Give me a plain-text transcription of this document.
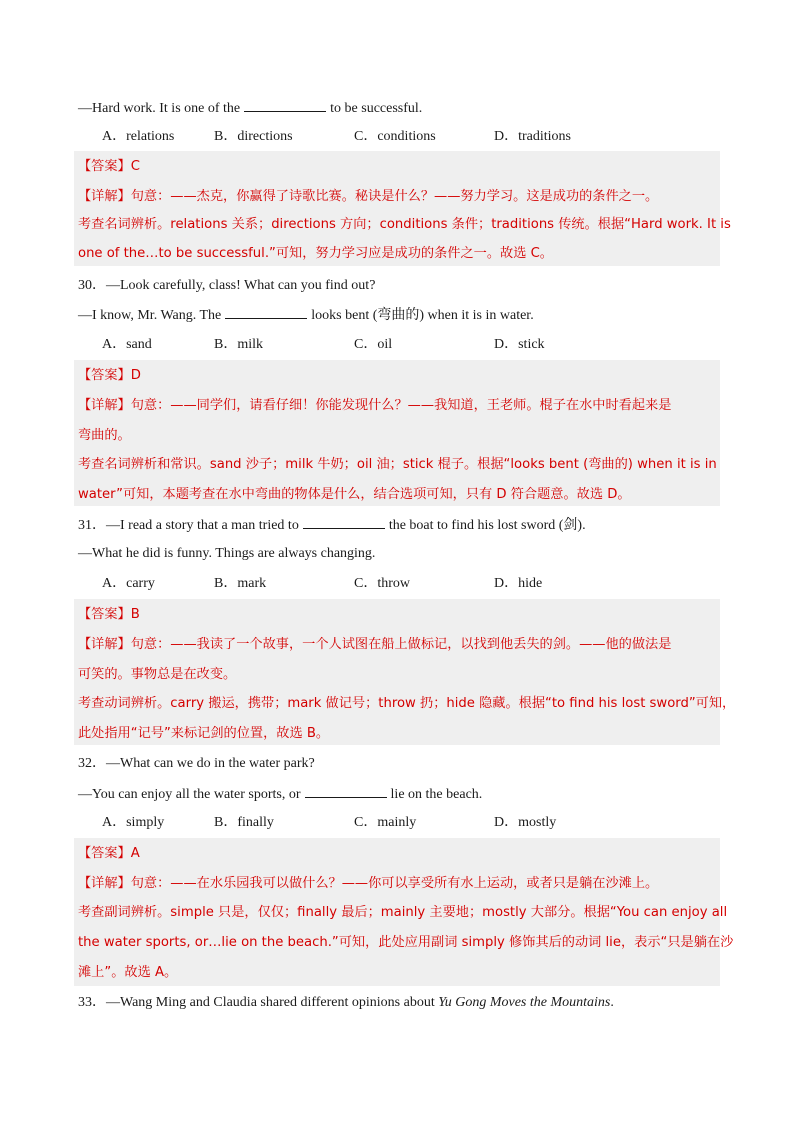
—Hard work. It is one of the	to be successful.
A．relations	B．directions	C．conditions	D．traditions
【答案】C
【详解】句意：——杰克，你赢得了诗歌比赛。秘诀是什么？——努力学习。这是成功的条件之一。
考查名词辨析。relations 关系；directions 方向；conditions 条件；traditions 传统。根据“Hard work. It is
one of the…to be successful.”可知，努力学习应是成功的条件之一。故选 C。
30．—Look carefully, class! What can you find out?
—I know, Mr. Wang. The	looks bent (弯曲的) when it is in water.
A．sand	B．milk	C．oil	D．stick
【答案】D
【详解】句意：——同学们，请看仔细！你能发现什么？——我知道，王老师。棍子在水中时看起来是
弯曲的。
考查名词辨析和常识。sand 沙子；milk 牛奶；oil 油；stick 棍子。根据“looks bent (弯曲的) when it is in
water”可知，本题考查在水中弯曲的物体是什么，结合选项可知，只有 D 符合题意。故选 D。
31．—I read a story that a man tried to	the boat to find his lost sword (剑).
—What he did is funny. Things are always changing.
A．carry	B．mark	C．throw	D．hide
【答案】B
【详解】句意：——我读了一个故事，一个人试图在船上做标记，以找到他丢失的剑。——他的做法是
可笑的。事物总是在改变。
考查动词辨析。carry 搬运，携带；mark 做记号；throw 扔；hide 隐藏。根据“to find his lost sword”可知，
此处指用“记号”来标记剑的位置，故选 B。
32．—What can we do in the water park?
—You can enjoy all the water sports, or	lie on the beach.
A．simply	B．finally	C．mainly	D．mostly
【答案】A
【详解】句意：——在水乐园我可以做什么？——你可以享受所有水上运动，或者只是躺在沙滩上。
考查副词辨析。simple 只是，仅仅；finally 最后；mainly 主要地；mostly 大部分。根据“You can enjoy all
the water sports, or…lie on the beach.”可知，此处应用副词 simply 修饰其后的动词 lie，表示“只是躺在沙
滩上”。故选 A。
33．—Wang Ming and Claudia shared different opinions about Yu Gong Moves the Mountains.
